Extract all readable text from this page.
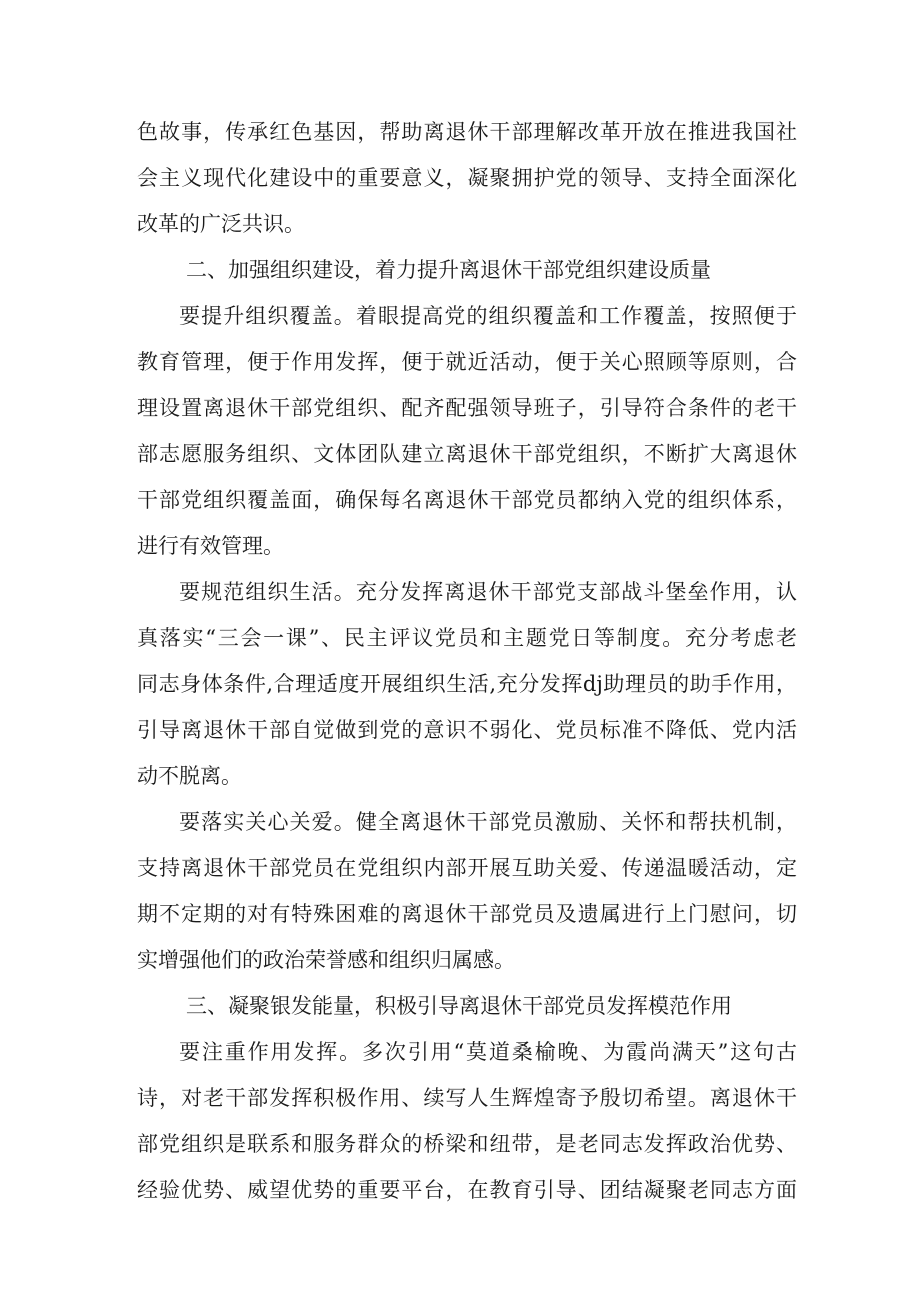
色故事，传承红色基因，帮助离退休干部理解改革开放在推进我国社
会主义现代化建设中的重要意义，凝聚拥护党的领导、支持全面深化
改革的广泛共识。
二、加强组织建设，着力提升离退休干部党组织建设质量
要提升组织覆盖。着眼提高党的组织覆盖和工作覆盖，按照便于
教育管理，便于作用发挥，便于就近活动，便于关心照顾等原则，合
理设置离退休干部党组织、配齐配强领导班子，引导符合条件的老干
部志愿服务组织、文体团队建立离退休干部党组织，不断扩大离退休
干部党组织覆盖面，确保每名离退休干部党员都纳入党的组织体系，
进行有效管理。
要规范组织生活。充分发挥离退休干部党支部战斗堡垒作用，认
真落实“三会一课”、民主评议党员和主题党日等制度。充分考虑老
同志身体条件,合理适度开展组织生活,充分发挥dj助理员的助手作用，
引导离退休干部自觉做到党的意识不弱化、党员标准不降低、党内活
动不脱离。
要落实关心关爱。健全离退休干部党员激励、关怀和帮扶机制，
支持离退休干部党员在党组织内部开展互助关爱、传递温暖活动，定
期不定期的对有特殊困难的离退休干部党员及遗属进行上门慰问，切
实增强他们的政治荣誉感和组织归属感。
三、凝聚银发能量，积极引导离退休干部党员发挥模范作用
要注重作用发挥。多次引用“莫道桑榆晚、为霞尚满天”这句古
诗，对老干部发挥积极作用、续写人生辉煌寄予殷切希望。离退休干
部党组织是联系和服务群众的桥梁和纽带，是老同志发挥政治优势、
经验优势、威望优势的重要平台，在教育引导、团结凝聚老同志方面
